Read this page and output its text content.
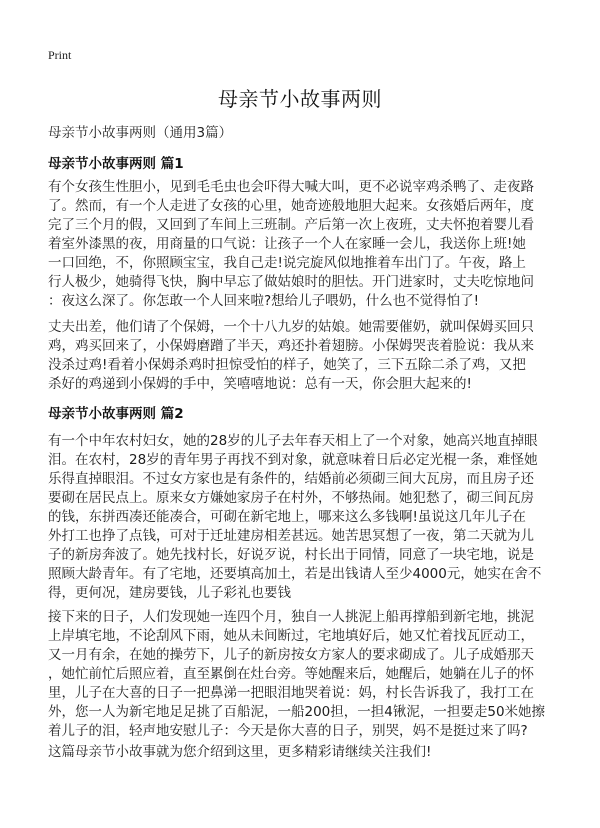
Print
母亲节小故事两则
母亲节小故事两则（通用3篇）
母亲节小故事两则 篇1
有个女孩生性胆小，见到毛毛虫也会吓得大喊大叫，更不必说宰鸡杀鸭了、走夜路
了。然而，有一个人走进了女孩的心里，她奇迹般地胆大起来。女孩婚后两年，度
完了三个月的假，又回到了车间上三班制。产后第一次上夜班，丈夫怀抱着婴儿看
着室外漆黑的夜，用商量的口气说：让孩子一个人在家睡一会儿，我送你上班!她
一口回绝，不，你照顾宝宝，我自己走!说完旋风似地推着车出门了。午夜，路上
行人极少，她骑得飞快，胸中早忘了做姑娘时的胆怯。开门进家时，丈夫吃惊地问
：夜这么深了。你怎敢一个人回来啦?想给儿子喂奶，什么也不觉得怕了!
丈夫出差，他们请了个保姆，一个十八九岁的姑娘。她需要催奶，就叫保姆买回只
鸡，鸡买回来了，小保姆磨蹭了半天，鸡还扑着翅膀。小保姆哭丧着脸说：我从来
没杀过鸡!看着小保姆杀鸡时担惊受怕的样子，她笑了，三下五除二杀了鸡，又把
杀好的鸡递到小保姆的手中，笑嘻嘻地说：总有一天，你会胆大起来的!
母亲节小故事两则 篇2
有一个中年农村妇女，她的28岁的儿子去年春天相上了一个对象，她高兴地直掉眼
泪。在农村，28岁的青年男子再找不到对象，就意味着日后必定光棍一条，难怪她
乐得直掉眼泪。不过女方家也是有条件的，结婚前必须砌三间大瓦房，而且房子还
要砌在居民点上。原来女方嫌她家房子在村外，不够热闹。她犯愁了，砌三间瓦房
的钱，东拼西凑还能凑合，可砌在新宅地上，哪来这么多钱啊!虽说这几年儿子在
外打工也挣了点钱，可对于迁址建房相差甚远。她苦思冥想了一夜，第二天就为儿
子的新房奔波了。她先找村长，好说歹说，村长出于同情，同意了一块宅地，说是
照顾大龄青年。有了宅地，还要填高加土，若是出钱请人至少4000元，她实在舍不
得，更何况，建房要钱，儿子彩礼也要钱
接下来的日子，人们发现她一连四个月，独自一人挑泥上船再撑船到新宅地，挑泥
上岸填宅地，不论刮风下雨，她从未间断过，宅地填好后，她又忙着找瓦匠动工，
又一月有余，在她的操劳下，儿子的新房按女方家人的要求砌成了。儿子成婚那天
，她忙前忙后照应着，直至累倒在灶台旁。等她醒来后，她醒后，她躺在儿子的怀
里，儿子在大喜的日子一把鼻涕一把眼泪地哭着说：妈，村长告诉我了，我打工在
外，您一人为新宅地足足挑了百船泥，一船200担，一担4锹泥，一担要走50米她擦
着儿子的泪，轻声地安慰儿子：今天是你大喜的日子，别哭，妈不是挺过来了吗?
这篇母亲节小故事就为您介绍到这里，更多精彩请继续关注我们!
